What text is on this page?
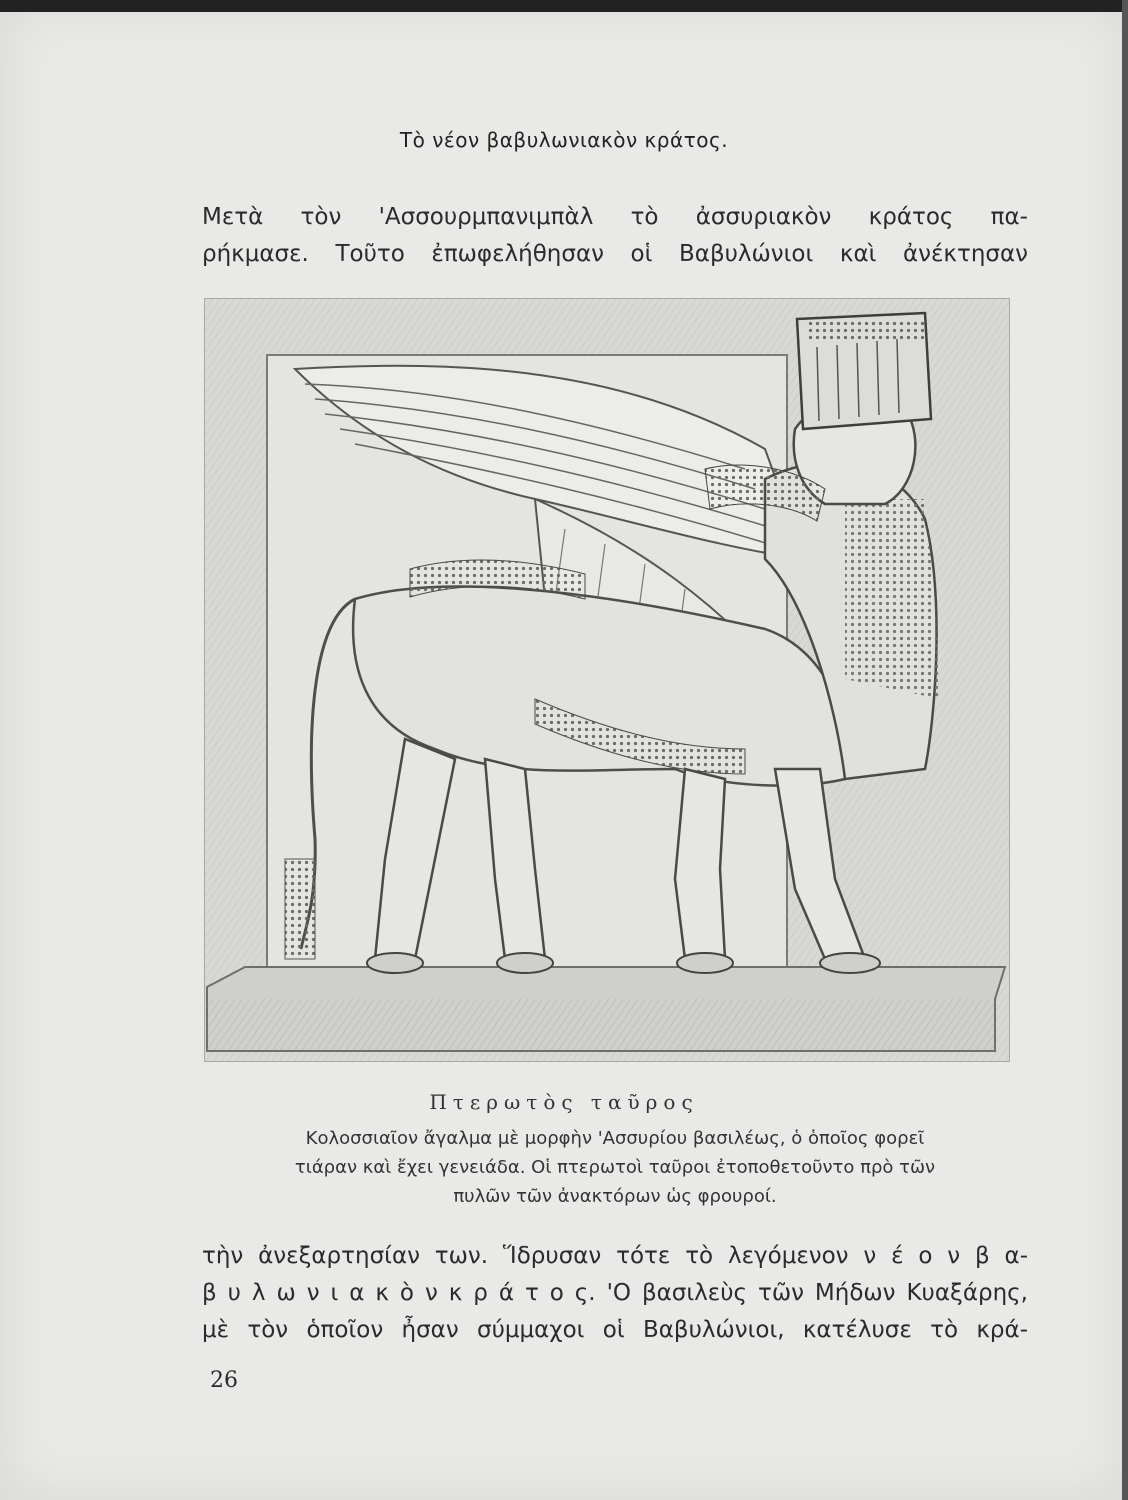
Τὸ νέον βαβυλωνιακὸν κράτος.
Μετὰ τὸν 'Ασσουρμπανιμπὰλ τὸ ἀσσυριακὸν κράτος πα-
ρήκμασε. Τοῦτο ἐπωφελήθησαν οἱ Βαβυλώνιοι καὶ ἀνέκτησαν
Πτερωτὸς ταῦρος
Κολοσσιαῖον ἄγαλμα μὲ μορφὴν 'Ασσυρίου βασιλέως, ὁ ὁποῖος φορεῖ
τιάραν καὶ ἔχει γενειάδα. Οἱ πτερωτοὶ ταῦροι ἐτοποθετοῦντο πρὸ τῶν
πυλῶν τῶν ἀνακτόρων ὡς φρουροί.
τὴν ἀνεξαρτησίαν των. Ἵδρυσαν τότε τὸ λεγόμενον ν έ ο ν β α-
β υ λ ω ν ι α κ ὸ ν κ ρ ά τ ο ς. 'Ο βασιλεὺς τῶν Μήδων Κυαξάρης,
μὲ τὸν ὁποῖον ἦσαν σύμμαχοι οἱ Βαβυλώνιοι, κατέλυσε τὸ κρά-
26
